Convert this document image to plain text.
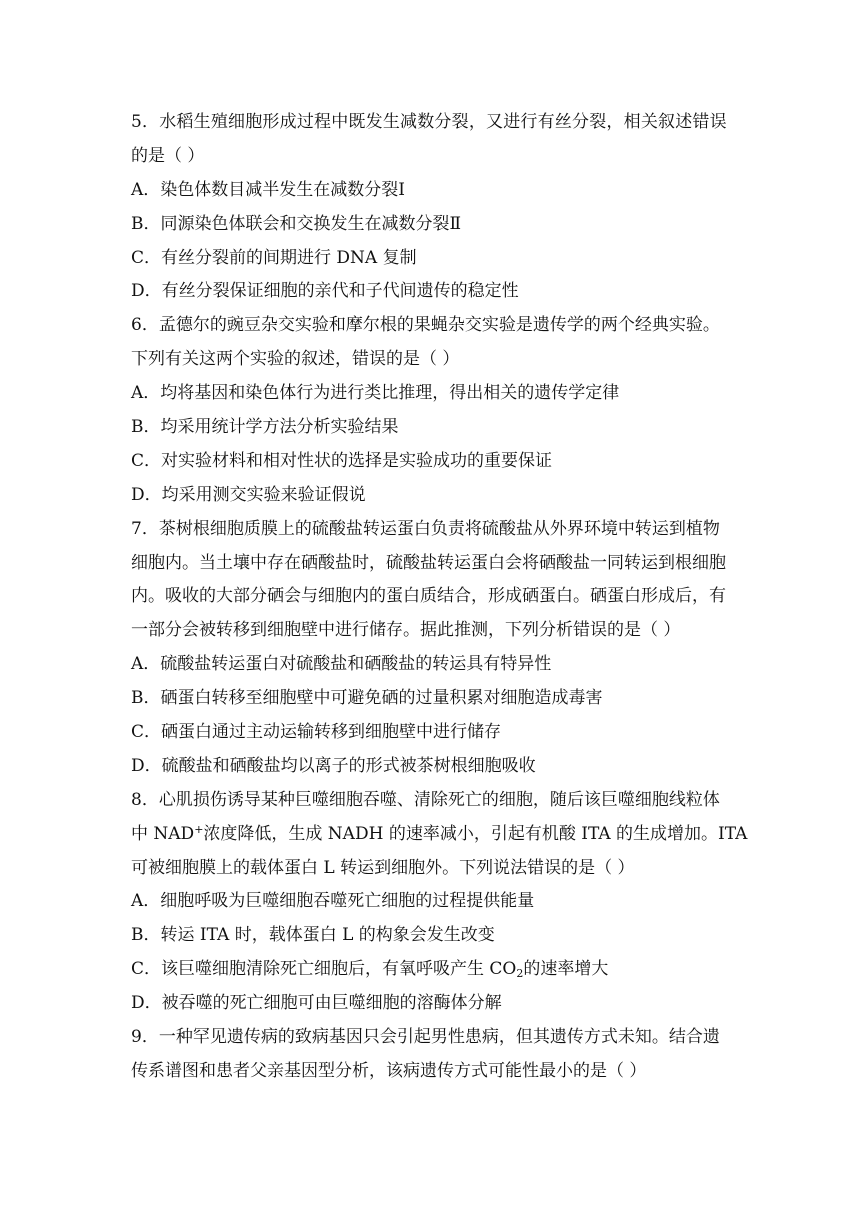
5．水稻生殖细胞形成过程中既发生减数分裂，又进行有丝分裂，相关叙述错误
的是（ ）
A．染色体数目减半发生在减数分裂Ⅰ
B．同源染色体联会和交换发生在减数分裂Ⅱ
C．有丝分裂前的间期进行 DNA 复制
D．有丝分裂保证细胞的亲代和子代间遗传的稳定性
6．孟德尔的豌豆杂交实验和摩尔根的果蝇杂交实验是遗传学的两个经典实验。
下列有关这两个实验的叙述，错误的是（ ）
A．均将基因和染色体行为进行类比推理，得出相关的遗传学定律
B．均采用统计学方法分析实验结果
C．对实验材料和相对性状的选择是实验成功的重要保证
D．均采用测交实验来验证假说
7．茶树根细胞质膜上的硫酸盐转运蛋白负责将硫酸盐从外界环境中转运到植物
细胞内。当土壤中存在硒酸盐时，硫酸盐转运蛋白会将硒酸盐一同转运到根细胞
内。吸收的大部分硒会与细胞内的蛋白质结合，形成硒蛋白。硒蛋白形成后，有
一部分会被转移到细胞壁中进行储存。据此推测，下列分析错误的是（ ）
A．硫酸盐转运蛋白对硫酸盐和硒酸盐的转运具有特异性
B．硒蛋白转移至细胞壁中可避免硒的过量积累对细胞造成毒害
C．硒蛋白通过主动运输转移到细胞壁中进行储存
D．硫酸盐和硒酸盐均以离子的形式被茶树根细胞吸收
8．心肌损伤诱导某种巨噬细胞吞噬、清除死亡的细胞，随后该巨噬细胞线粒体
中 NAD+浓度降低，生成 NADH 的速率减小，引起有机酸 ITA 的生成增加。ITA
可被细胞膜上的载体蛋白 L 转运到细胞外。下列说法错误的是（ ）
A．细胞呼吸为巨噬细胞吞噬死亡细胞的过程提供能量
B．转运 ITA 时，载体蛋白 L 的构象会发生改变
C．该巨噬细胞清除死亡细胞后，有氧呼吸产生 $CO_2$的速率增大
D．被吞噬的死亡细胞可由巨噬细胞的溶酶体分解
9．一种罕见遗传病的致病基因只会引起男性患病，但其遗传方式未知。结合遗
传系谱图和患者父亲基因型分析，该病遗传方式可能性最小的是（ ）
